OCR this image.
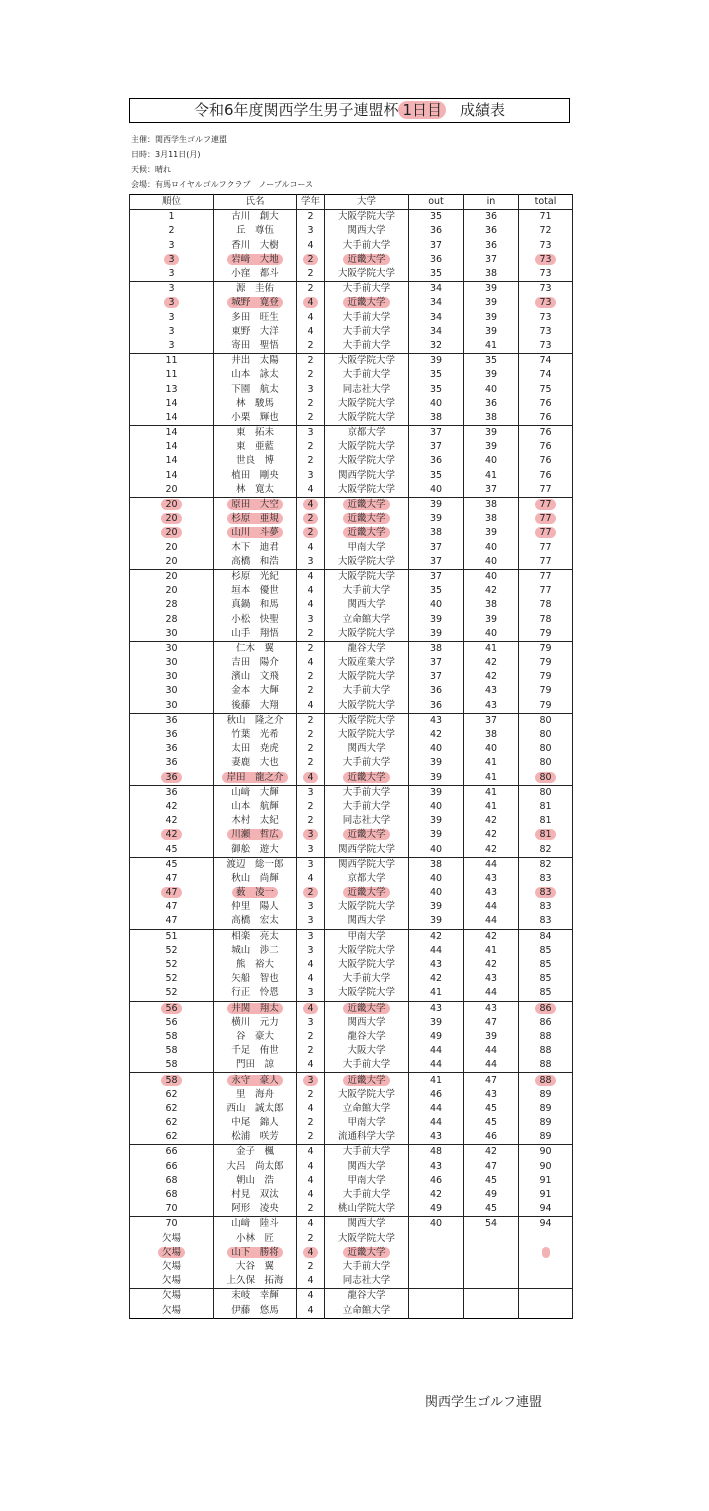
令和6年度関西学生男子連盟杯 1日目 成績表
主催：関西学生ゴルフ連盟
日時：3月11日(月)
天候：晴れ
会場：有馬ロイヤルゴルフクラブ　ノーブルコース
順位	氏名	学年	大学	out	in	total
1	古川　創大	2	大阪学院大学	35	36	71
2	丘　尊伍	3	関西大学	36	36	72
3	香川　大樹	4	大手前大学	37	36	73
3	岩﨑　大地	2	近畿大学	36	37	73
3	小窪　都斗	2	大阪学院大学	35	38	73
3	源　圭佑	2	大手前大学	34	39	73
3	城野　寛登	4	近畿大学	34	39	73
3	多田　旺生	4	大手前大学	34	39	73
3	東野　大洋	4	大手前大学	34	39	73
3	寄田　聖悟	2	大手前大学	32	41	73
11	井出　太陽	2	大阪学院大学	39	35	74
11	山本　詠太	2	大手前大学	35	39	74
13	下園　航太	3	同志社大学	35	40	75
14	林　駿馬	2	大阪学院大学	40	36	76
14	小栗　輝也	2	大阪学院大学	38	38	76
14	東　拓未	3	京都大学	37	39	76
14	東　亜藍	2	大阪学院大学	37	39	76
14	世良　博	2	大阪学院大学	36	40	76
14	植田　剛央	3	関西学院大学	35	41	76
20	林　寛太	4	大阪学院大学	40	37	77
20	原田　大空	4	近畿大学	39	38	77
20	杉原　亜規	2	近畿大学	39	38	77
20	山川　斗夢	2	近畿大学	38	39	77
20	木下　迪君	4	甲南大学	37	40	77
20	高橋　和浩	3	大阪学院大学	37	40	77
20	杉原　光紀	4	大阪学院大学	37	40	77
20	垣本　優世	4	大手前大学	35	42	77
28	真鍋　和馬	4	関西大学	40	38	78
28	小松　快聖	3	立命館大学	39	39	78
30	山手　翔悟	2	大阪学院大学	39	40	79
30	仁木　翼	2	龍谷大学	38	41	79
30	吉田　陽介	4	大阪産業大学	37	42	79
30	濱山　文飛	2	大阪学院大学	37	42	79
30	金本　大輝	2	大手前大学	36	43	79
30	後藤　大翔	4	大阪学院大学	36	43	79
36	秋山　隆之介	2	大阪学院大学	43	37	80
36	竹葉　光希	2	大阪学院大学	42	38	80
36	太田　尭虎	2	関西大学	40	40	80
36	妻鹿　大也	2	大手前大学	39	41	80
36	岸田　龍之介	4	近畿大学	39	41	80
36	山﨑　大輝	3	大手前大学	39	41	80
42	山本　航輝	2	大手前大学	40	41	81
42	木村　太紀	2	同志社大学	39	42	81
42	川瀬　哲広	3	近畿大学	39	42	81
45	御舩　遊大	3	関西学院大学	40	42	82
45	渡辺　総一郎	3	関西学院大学	38	44	82
47	秋山　尚輝	4	京都大学	40	43	83
47	薮　凌一	2	近畿大学	40	43	83
47	仲里　陽人	3	大阪学院大学	39	44	83
47	高橋　宏太	3	関西大学	39	44	83
51	相楽　亮太	3	甲南大学	42	42	84
52	城山　渉二	3	大阪学院大学	44	41	85
52	熊　裕大	4	大阪学院大学	43	42	85
52	矢船　智也	4	大手前大学	42	43	85
52	行正　怜恩	3	大阪学院大学	41	44	85
56	井関　翔太	4	近畿大学	43	43	86
56	横川　元力	3	関西大学	39	47	86
58	谷　豪大	2	龍谷大学	49	39	88
58	千足　侑世	2	大阪大学	44	44	88
58	門田　諒	4	大手前大学	44	44	88
58	永守　豪人	3	近畿大学	41	47	88
62	里　海舟	2	大阪学院大学	46	43	89
62	西山　誠太郎	4	立命館大学	44	45	89
62	中尾　錦人	2	甲南大学	44	45	89
62	松浦　咲芳	2	流通科学大学	43	46	89
66	金子　楓	4	大手前大学	48	42	90
66	大呂　尚太郎	4	関西大学	43	47	90
68	朝山　浩	4	甲南大学	46	45	91
68	村見　双汰	4	大手前大学	42	49	91
70	阿形　凌央	2	桃山学院大学	49	45	94
70	山﨑　陸斗	4	関西大学	40	54	94
欠場	小林　匠	2	大阪学院大学			
欠場	山下　勝将	4	近畿大学			
欠場	大谷　翼	2	大手前大学			
欠場	上久保　拓海	4	同志社大学			
欠場	末岐　幸輝	4	龍谷大学			
欠場	伊藤　悠馬	4	立命館大学			
関西学生ゴルフ連盟
